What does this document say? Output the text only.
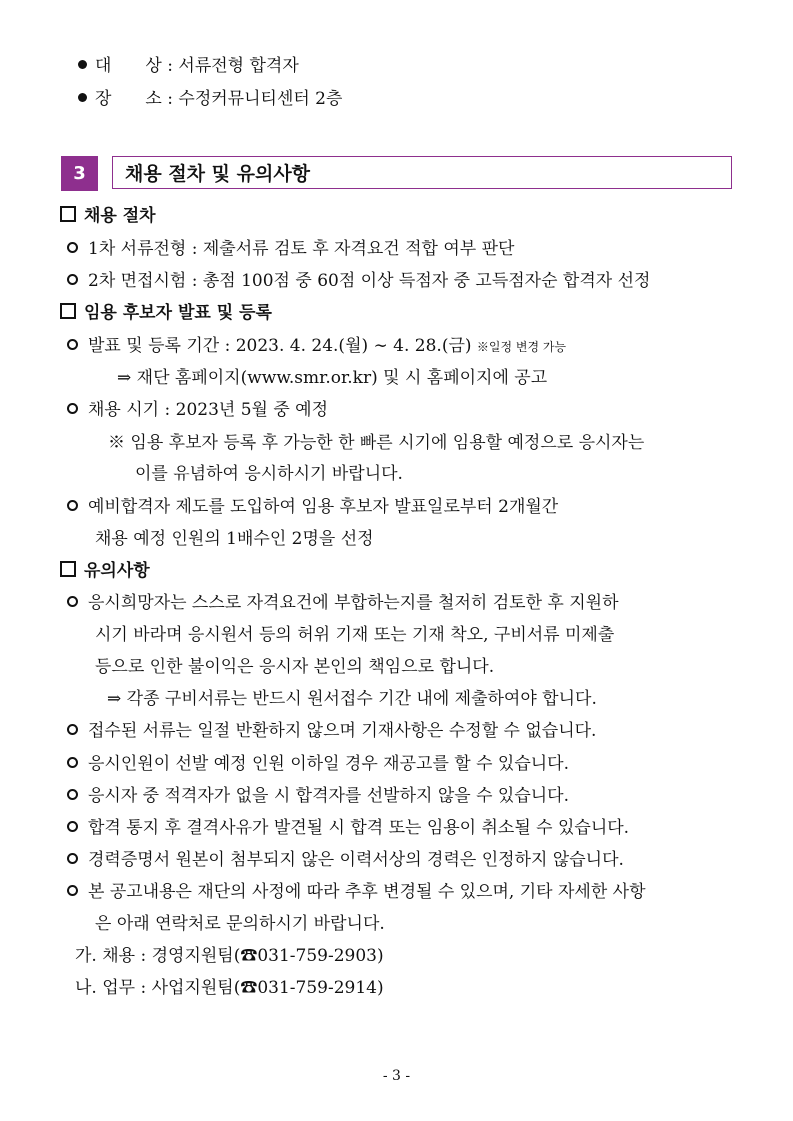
대　　상 : 서류전형 합격자
장　　소 : 수정커뮤니티센터 2층
3	채용 절차 및 유의사항
채용 절차
1차 서류전형 : 제출서류 검토 후 자격요건 적합 여부 판단
2차 면접시험 : 총점 100점 중 60점 이상 득점자 중 고득점자순 합격자 선정
임용 후보자 발표 및 등록
발표 및 등록 기간 : 2023. 4. 24.(월) ∼ 4. 28.(금) ※일정 변경 가능
⇒ 재단 홈페이지(www.smr.or.kr) 및 시 홈페이지에 공고
채용 시기 : 2023년 5월 중 예정
※ 임용 후보자 등록 후 가능한 한 빠른 시기에 임용할 예정으로 응시자는
이를 유념하여 응시하시기 바랍니다.
예비합격자 제도를 도입하여 임용 후보자 발표일로부터 2개월간
채용 예정 인원의 1배수인 2명을 선정
유의사항
응시희망자는 스스로 자격요건에 부합하는지를 철저히 검토한 후 지원하
시기 바라며 응시원서 등의 허위 기재 또는 기재 착오, 구비서류 미제출
등으로 인한 불이익은 응시자 본인의 책임으로 합니다.
⇒ 각종 구비서류는 반드시 원서접수 기간 내에 제출하여야 합니다.
접수된 서류는 일절 반환하지 않으며 기재사항은 수정할 수 없습니다.
응시인원이 선발 예정 인원 이하일 경우 재공고를 할 수 있습니다.
응시자 중 적격자가 없을 시 합격자를 선발하지 않을 수 있습니다.
합격 통지 후 결격사유가 발견될 시 합격 또는 임용이 취소될 수 있습니다.
경력증명서 원본이 첨부되지 않은 이력서상의 경력은 인정하지 않습니다.
본 공고내용은 재단의 사정에 따라 추후 변경될 수 있으며, 기타 자세한 사항
은 아래 연락처로 문의하시기 바랍니다.
가. 채용 : 경영지원팀(☎031-759-2903)
나. 업무 : 사업지원팀(☎031-759-2914)
- 3 -
